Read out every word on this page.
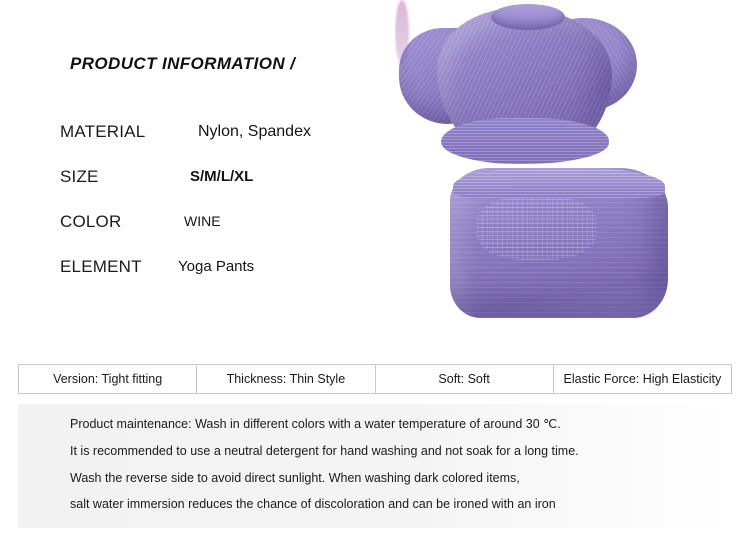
PRODUCT INFORMATION /
MATERIAL	Nylon, Spandex
SIZE	S/M/L/XL
COLOR	WINE
ELEMENT Yoga Pants
Version: Tight fitting	Thickness: Thin Style	Soft: Soft	Elastic Force: High Elasticity
Product maintenance: Wash in different colors with a water temperature of around 30 ℃.
It is recommended to use a neutral detergent for hand washing and not soak for a long time.
Wash the reverse side to avoid direct sunlight. When washing dark colored items,
salt water immersion reduces the chance of discoloration and can be ironed with an iron
